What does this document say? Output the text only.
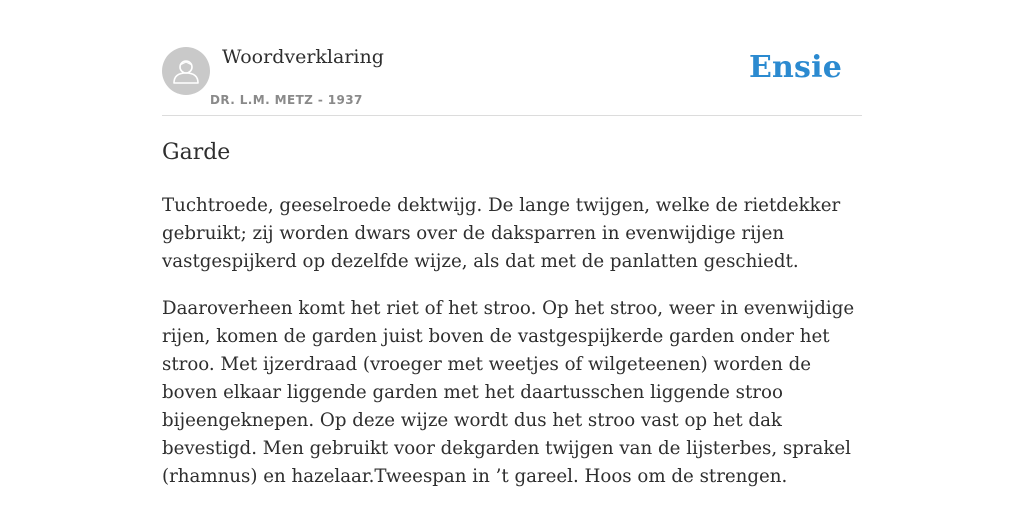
Woordverklaring
DR. L.M. METZ - 1937
Ensie
Garde

Tuchtroede, geeselroede dektwijg. De lange twijgen, welke de rietdekker gebruikt; zij worden dwars over de daksparren in evenwijdige rijen vastgespijkerd op dezelfde wijze, als dat met de panlatten geschiedt.

Daaroverheen komt het riet of het stroo. Op het stroo, weer in evenwijdige rijen, komen de garden juist boven de vastgespijkerde garden onder het stroo. Met ijzerdraad (vroeger met weetjes of wilgeteenen) worden de boven elkaar liggende garden met het daartusschen liggende stroo bijeengeknepen. Op deze wijze wordt dus het stroo vast op het dak bevestigd. Men gebruikt voor dekgarden twijgen van de lijsterbes, sprakel (rhamnus) en hazelaar.Tweespan in ’t gareel. Hoos om de strengen.
